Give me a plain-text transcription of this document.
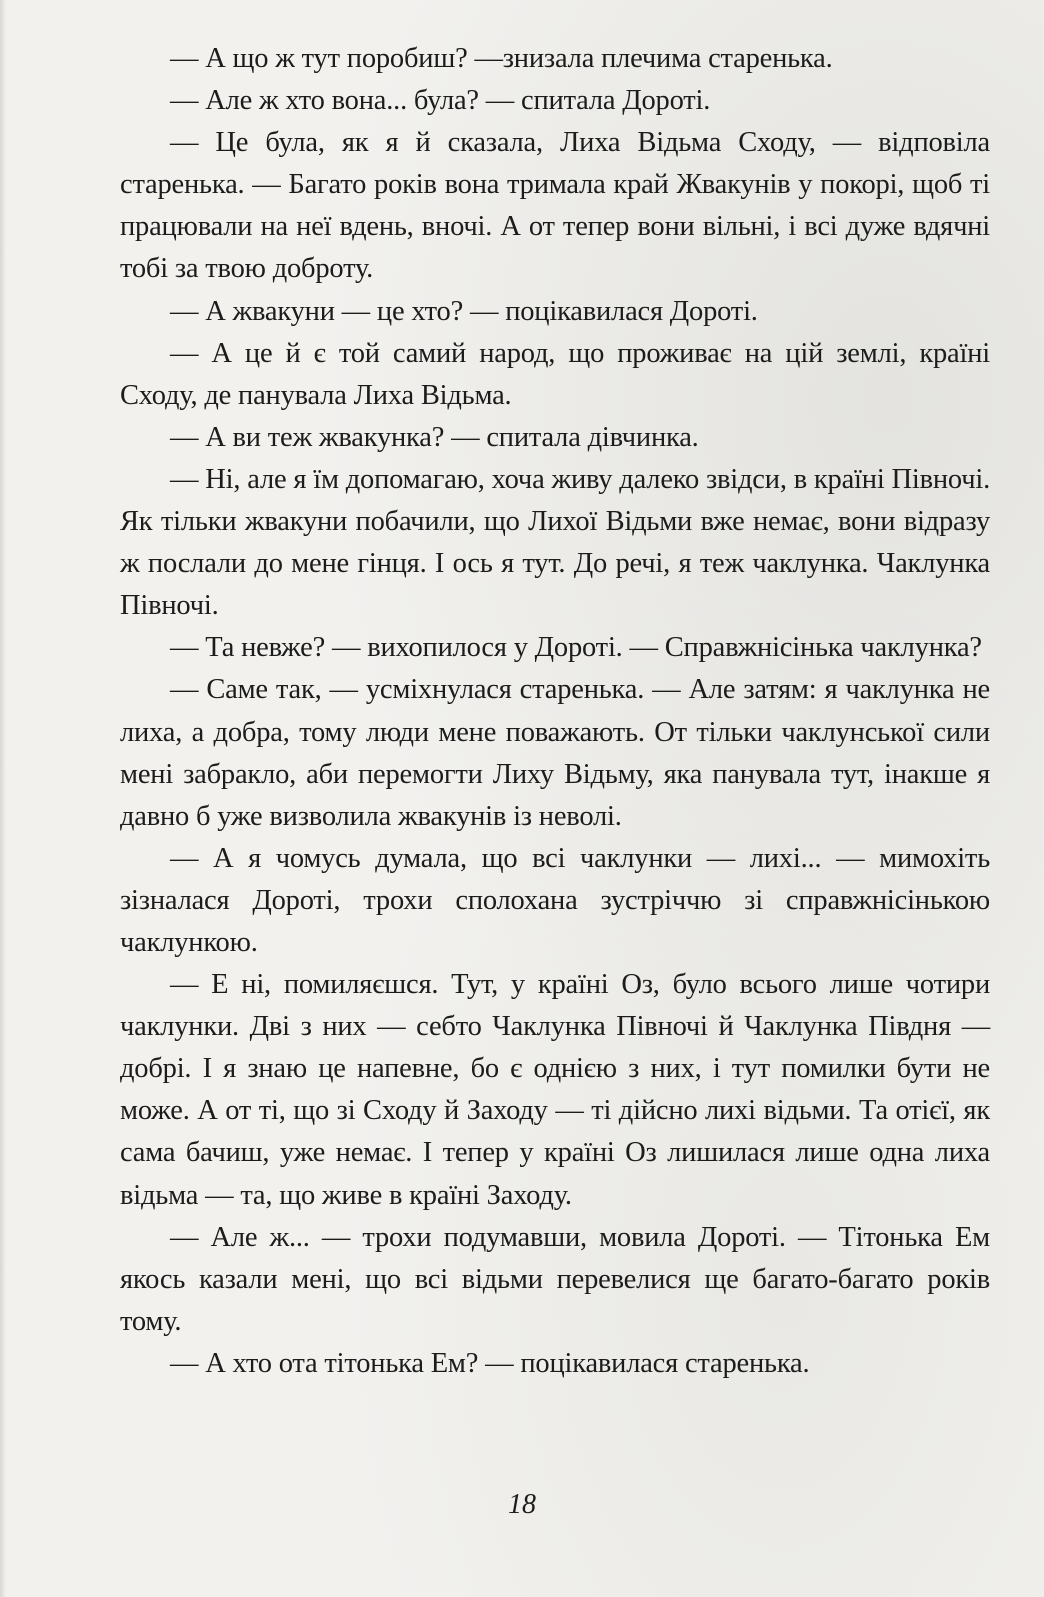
— А що ж тут поробиш? —знизала плечима старенька.

— Але ж хто вона... була? — спитала Дороті.

— Це була, як я й сказала, Лиха Відьма Сходу, — відповіла старенька. — Багато років вона тримала край Жвакунів у покорі, щоб ті працювали на неї вдень, вночі. А от тепер вони вільні, і всі дуже вдячні тобі за твою доброту.

— А жвакуни — це хто? — поцікавилася Дороті.

— А це й є той самий народ, що проживає на цій землі, країні Сходу, де панувала Лиха Відьма.

— А ви теж жвакунка? — спитала дівчинка.

— Ні, але я їм допомагаю, хоча живу далеко звідси, в країні Півночі. Як тільки жвакуни побачили, що Лихої Відьми вже немає, вони відразу ж послали до мене гінця. І ось я тут. До речі, я теж чаклунка. Чаклунка Півночі.

— Та невже? — вихопилося у Дороті. — Справжнісінька чаклунка?

— Саме так, — усміхнулася старенька. — Але затям: я чаклунка не лиха, а добра, тому люди мене поважають. От тільки чаклунської сили мені забракло, аби перемогти Лиху Відьму, яка панувала тут, інакше я давно б уже визволила жвакунів із неволі.

— А я чомусь думала, що всі чаклунки — лихі... — мимохіть зізналася Дороті, трохи сполохана зустріччю зі справжнісінькою чаклункою.

— Е ні, помиляєшся. Тут, у країні Оз, було всього лише чотири чаклунки. Дві з них — себто Чаклунка Півночі й Чаклунка Півдня — добрі. І я знаю це напевне, бо є однією з них, і тут помилки бути не може. А от ті, що зі Сходу й Заходу — ті дійсно лихі відьми. Та отієї, як сама бачиш, уже немає. І тепер у країні Оз лишилася лише одна лиха відьма — та, що живе в країні Заходу.

— Але ж... — трохи подумавши, мовила Дороті. — Тітонька Ем якось казали мені, що всі відьми перевелися ще багато-багато років тому.

— А хто ота тітонька Ем? — поцікавилася старенька.

18
